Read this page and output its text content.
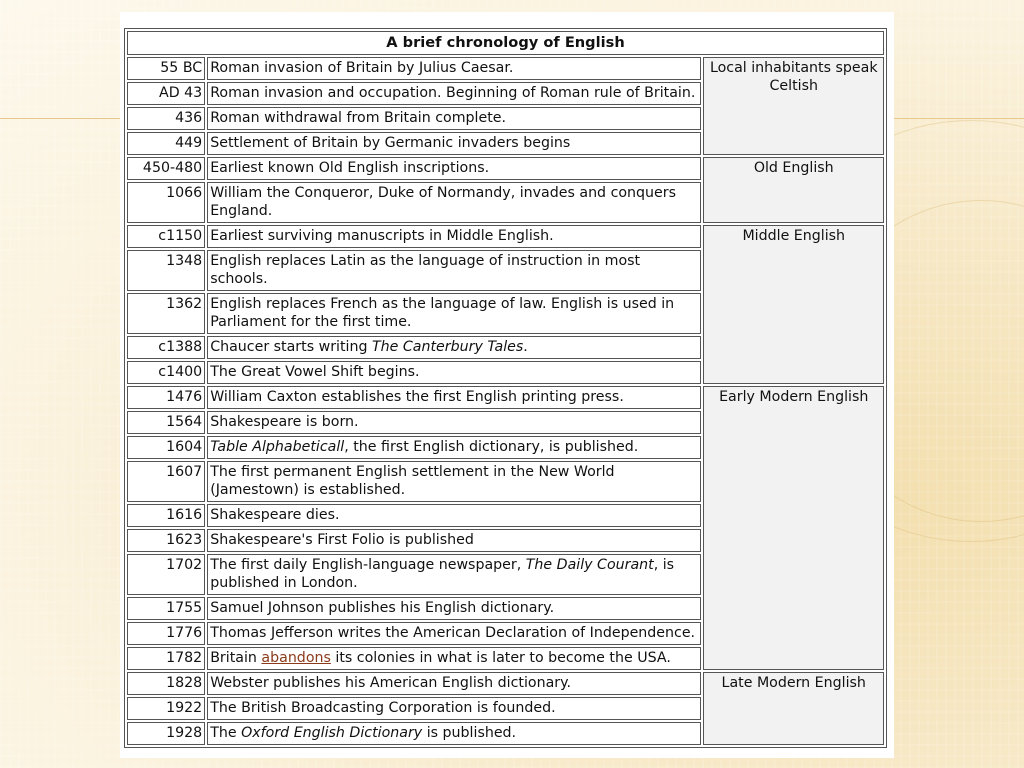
A brief chronology of English		
55 BC	Roman invasion of Britain by Julius Caesar.	Local inhabitants speak Celtish
AD 43	Roman invasion and occupation. Beginning of Roman rule of Britain.	
436	Roman withdrawal from Britain complete.	
449	Settlement of Britain by Germanic invaders begins	
450-480	Earliest known Old English inscriptions.	Old English
1066	William the Conqueror, Duke of Normandy, invades and conquers England.	
c1150	Earliest surviving manuscripts in Middle English.	Middle English
1348	English replaces Latin as the language of instruction in most schools.	
1362	English replaces French as the language of law. English is used in Parliament for the first time.	
c1388	Chaucer starts writing The Canterbury Tales.	
c1400	The Great Vowel Shift begins.	
1476	William Caxton establishes the first English printing press.	Early Modern English
1564	Shakespeare is born.	
1604	Table Alphabeticall, the first English dictionary, is published.	
1607	The first permanent English settlement in the New World (Jamestown) is established.	
1616	Shakespeare dies.	
1623	Shakespeare's First Folio is published	
1702	The first daily English-language newspaper, The Daily Courant, is published in London.	
1755	Samuel Johnson publishes his English dictionary.	
1776	Thomas Jefferson writes the American Declaration of Independence.	
1782	Britain abandons its colonies in what is later to become the USA.	
1828	Webster publishes his American English dictionary.	Late Modern English
1922	The British Broadcasting Corporation is founded.	
1928	The Oxford English Dictionary is published.	
